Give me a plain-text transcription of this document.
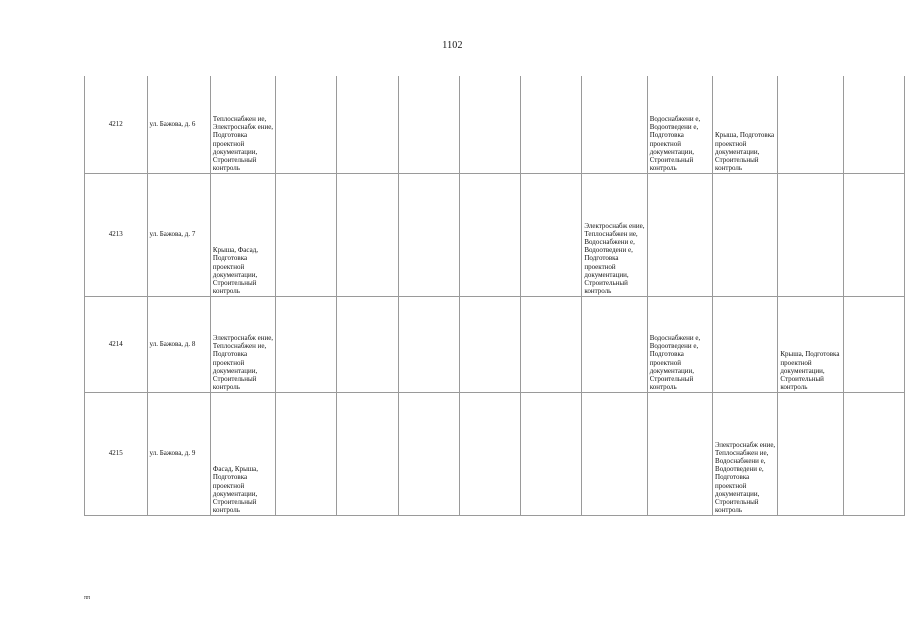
1102
4212	ул. Бажова, д. 6	Теплоснабжен ие, Электроснабж ение, Подготовка проектной документации, Строительный контроль							Водоснабжени е, Водоотведени е, Подготовка проектной документации, Строительный контроль	Крыша, Подготовка проектной документации, Строительный контроль		
4213	ул. Бажова, д. 7	Крыша, Фасад, Подготовка проектной документации, Строительный контроль						Электроснабж ение, Теплоснабжен ие, Водоснабжени е, Водоотведени е, Подготовка проектной документации, Строительный контроль				
4214	ул. Бажова, д. 8	Электроснабж ение, Теплоснабжен ие, Подготовка проектной документации, Строительный контроль							Водоснабжени е, Водоотведени е, Подготовка проектной документации, Строительный контроль		Крыша, Подготовка проектной документации, Строительный контроль	
4215	ул. Бажова, д. 9	Фасад, Крыша, Подготовка проектной документации, Строительный контроль								Электроснабж ение, Теплоснабжен ие, Водоснабжени е, Водоотведени е, Подготовка проектной документации, Строительный контроль		
ππ
